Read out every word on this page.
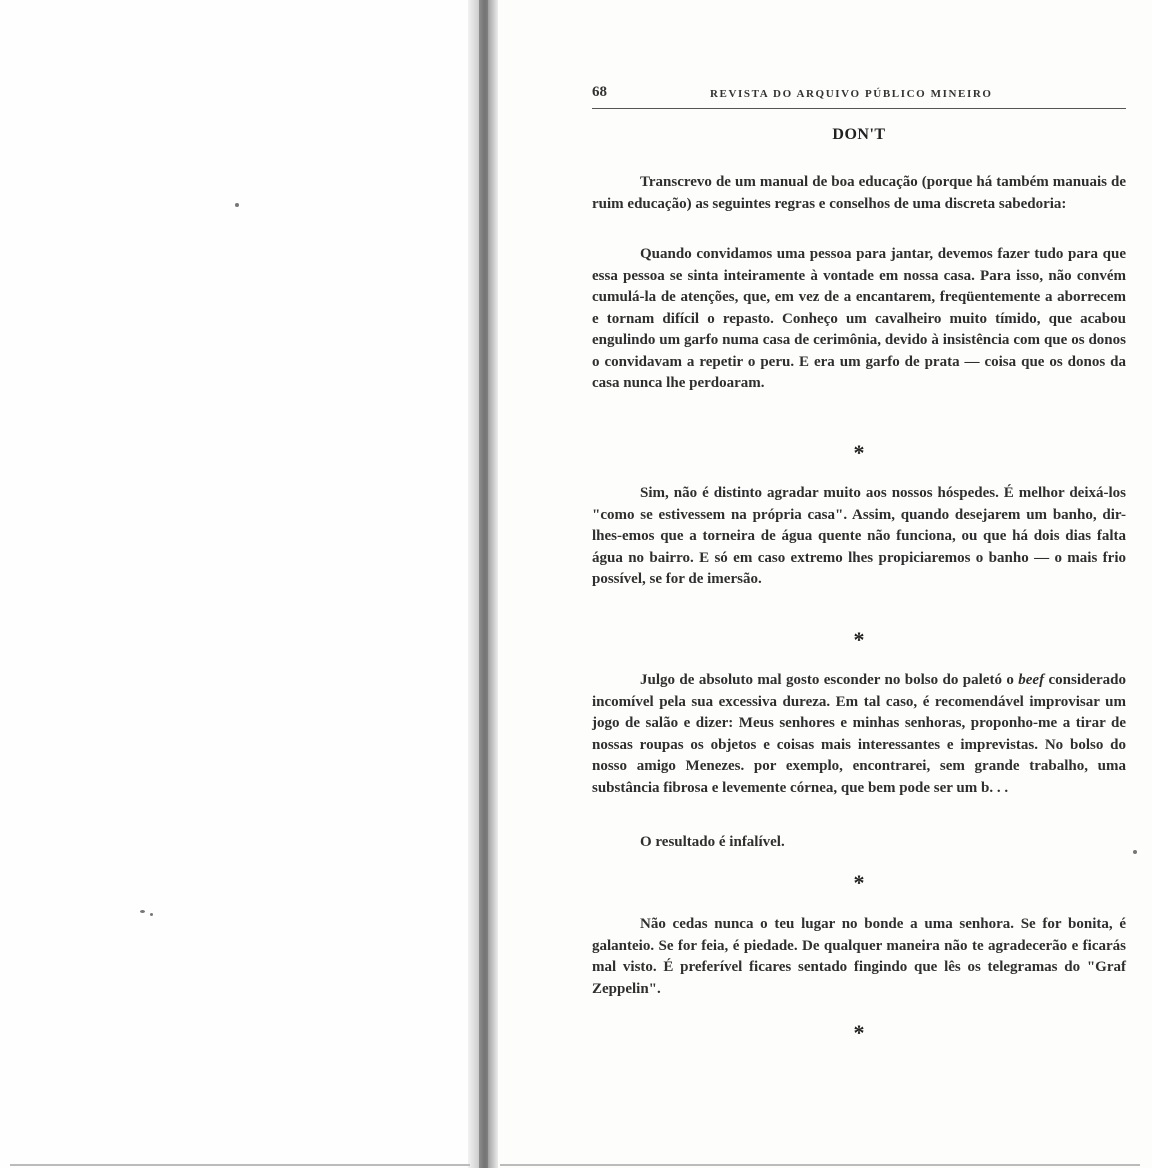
68	REVISTA DO ARQUIVO PÚBLICO MINEIRO
DON'T

Transcrevo de um manual de boa educação (porque há também manuais de ruim educação) as seguintes regras e conselhos de uma discreta sabedoria:

Quando convidamos uma pessoa para jantar, devemos fazer tudo para que essa pessoa se sinta inteiramente à vontade em nossa casa. Para isso, não convém cumulá-la de atenções, que, em vez de a encantarem, freqüentemente a aborrecem e tornam difícil o repasto. Conheço um cavalheiro muito tímido, que acabou engulindo um garfo numa casa de cerimônia, devido à insistência com que os donos o convidavam a repetir o peru. E era um garfo de prata — coisa que os donos da casa nunca lhe perdoaram.

*

Sim, não é distinto agradar muito aos nossos hóspedes. É melhor deixá-los "como se estivessem na própria casa". Assim, quando desejarem um banho, dir-lhes-emos que a torneira de água quente não funciona, ou que há dois dias falta água no bairro. E só em caso extremo lhes propiciaremos o banho — o mais frio possível, se for de imersão.

*

Julgo de absoluto mal gosto esconder no bolso do paletó o beef considerado incomível pela sua excessiva dureza. Em tal caso, é recomendável improvisar um jogo de salão e dizer: Meus senhores e minhas senhoras, proponho-me a tirar de nossas roupas os objetos e coisas mais interessantes e imprevistas. No bolso do nosso amigo Menezes. por exemplo, encontrarei, sem grande trabalho, uma substância fibrosa e levemente córnea, que bem pode ser um b. . .

O resultado é infalível.

*

Não cedas nunca o teu lugar no bonde a uma senhora. Se for bonita, é galanteio. Se for feia, é piedade. De qualquer maneira não te agradecerão e ficarás mal visto. É preferível ficares sentado fingindo que lês os telegramas do "Graf Zeppelin".

*
